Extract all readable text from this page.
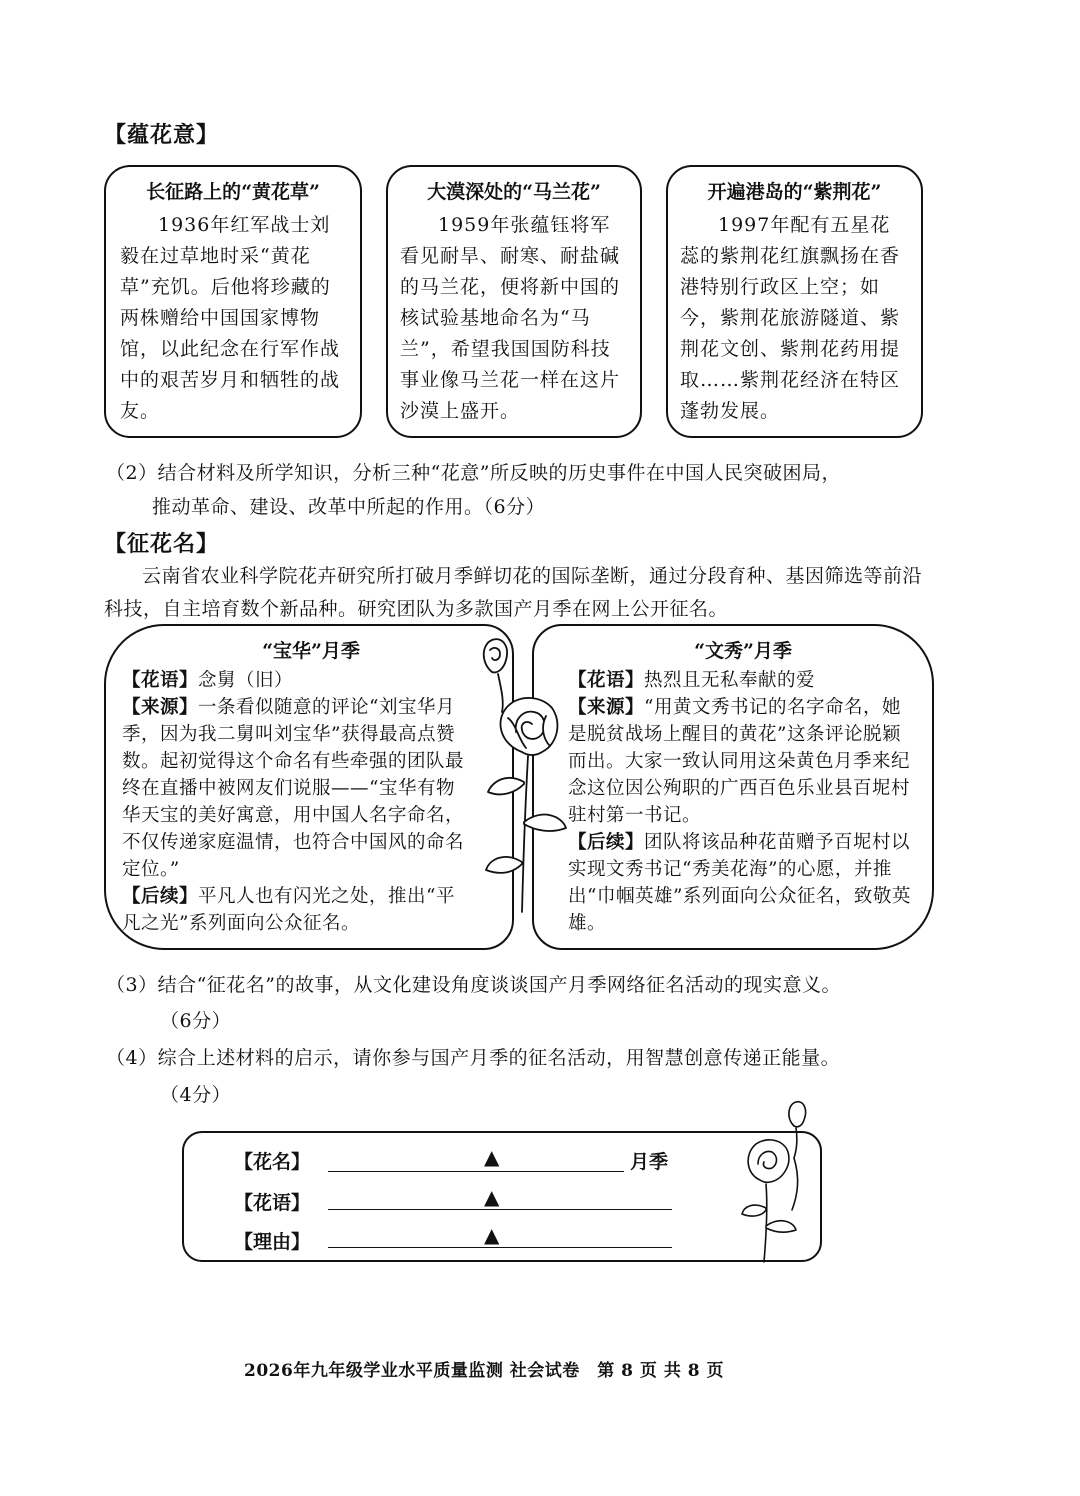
【蕴花意】
长征路上的“黄花草”
1936年红军战士刘毅在过草地时采“黄花草”充饥。后他将珍藏的两株赠给中国国家博物馆，以此纪念在行军作战中的艰苦岁月和牺牲的战友。
大漠深处的“马兰花”
1959年张蕴钰将军看见耐旱、耐寒、耐盐碱的马兰花，便将新中国的核试验基地命名为“马兰”，希望我国国防科技事业像马兰花一样在这片沙漠上盛开。
开遍港岛的“紫荆花”
1997年配有五星花蕊的紫荆花红旗飘扬在香港特别行政区上空；如今，紫荆花旅游隧道、紫荆花文创、紫荆花药用提取……紫荆花经济在特区蓬勃发展。
（2）结合材料及所学知识，分析三种“花意”所反映的历史事件在中国人民突破困局，
推动革命、建设、改革中所起的作用。（6分）
【征花名】
云南省农业科学院花卉研究所打破月季鲜切花的国际垄断，通过分段育种、基因筛选等前沿科技，自主培育数个新品种。研究团队为多款国产月季在网上公开征名。
“宝华”月季
【花语】念舅（旧）
【来源】一条看似随意的评论“刘宝华月季，因为我二舅叫刘宝华”获得最高点赞数。起初觉得这个命名有些牵强的团队最终在直播中被网友们说服——“宝华有物华天宝的美好寓意，用中国人名字命名，不仅传递家庭温情，也符合中国风的命名定位。”
【后续】平凡人也有闪光之处，推出“平凡之光”系列面向公众征名。
“文秀”月季
【花语】热烈且无私奉献的爱
【来源】“用黄文秀书记的名字命名，她是脱贫战场上醒目的黄花”这条评论脱颖而出。大家一致认同用这朵黄色月季来纪念这位因公殉职的广西百色乐业县百坭村驻村第一书记。
【后续】团队将该品种花苗赠予百坭村以实现文秀书记“秀美花海”的心愿，并推出“巾帼英雄”系列面向公众征名，致敬英雄。
（3）结合“征花名”的故事，从文化建设角度谈谈国产月季网络征名活动的现实意义。
（6分）
（4）综合上述材料的启示，请你参与国产月季的征名活动，用智慧创意传递正能量。
（4分）
【花名】	▲	月季
【花语】	▲
【理由】	▲
2026年九年级学业水平质量监测 社会试卷　第 8 页 共 8 页
